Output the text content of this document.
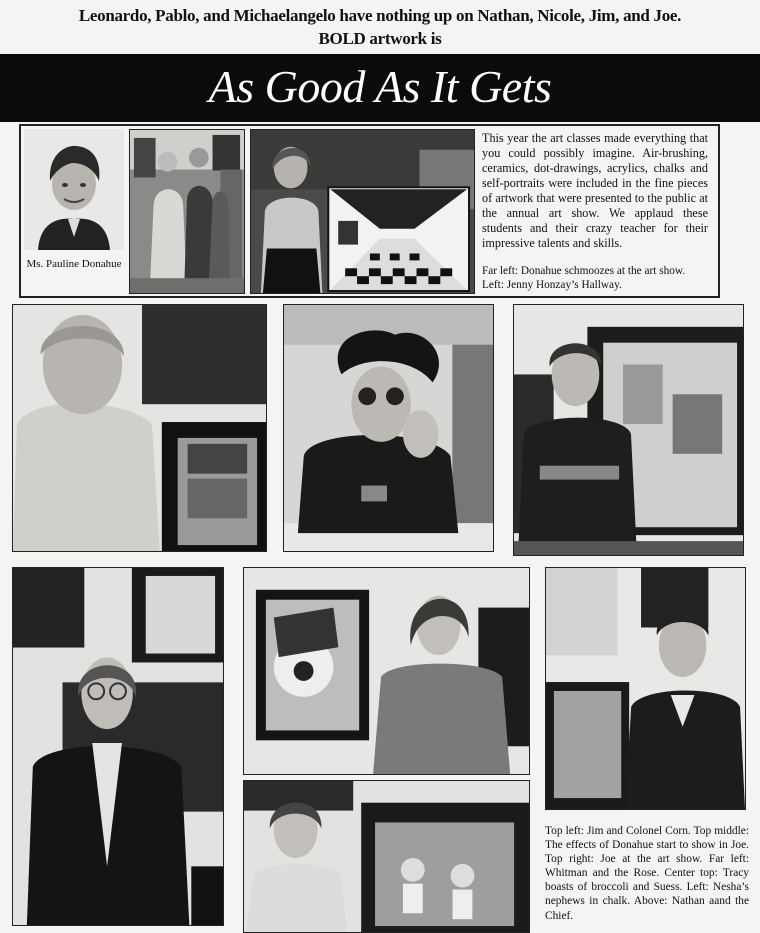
Leonardo, Pablo, and Michaelangelo have nothing up on Nathan, Nicole, Jim, and Joe.
BOLD artwork is
As Good As It Gets
Ms. Pauline Donahue
This year the art classes made everything that you could possibly imagine. Air-brushing, ceramics, dot-drawings, acrylics, chalks and self-portraits were included in the fine pieces of artwork that were presented to the public at the annual art show. We applaud these students and their crazy teacher for their impressive talents and skills.
Far left: Donahue schmoozes at the art show.
Left: Jenny Honzay’s Hallway.
Top left: Jim and Colonel Corn. Top middle: The effects of Donahue start to show in Joe. Top right: Joe at the art show. Far left: Whitman and the Rose. Center top: Tracy boasts of broccoli and Suess. Left: Nesha’s nephews in chalk. Above: Nathan aand the Chief.
